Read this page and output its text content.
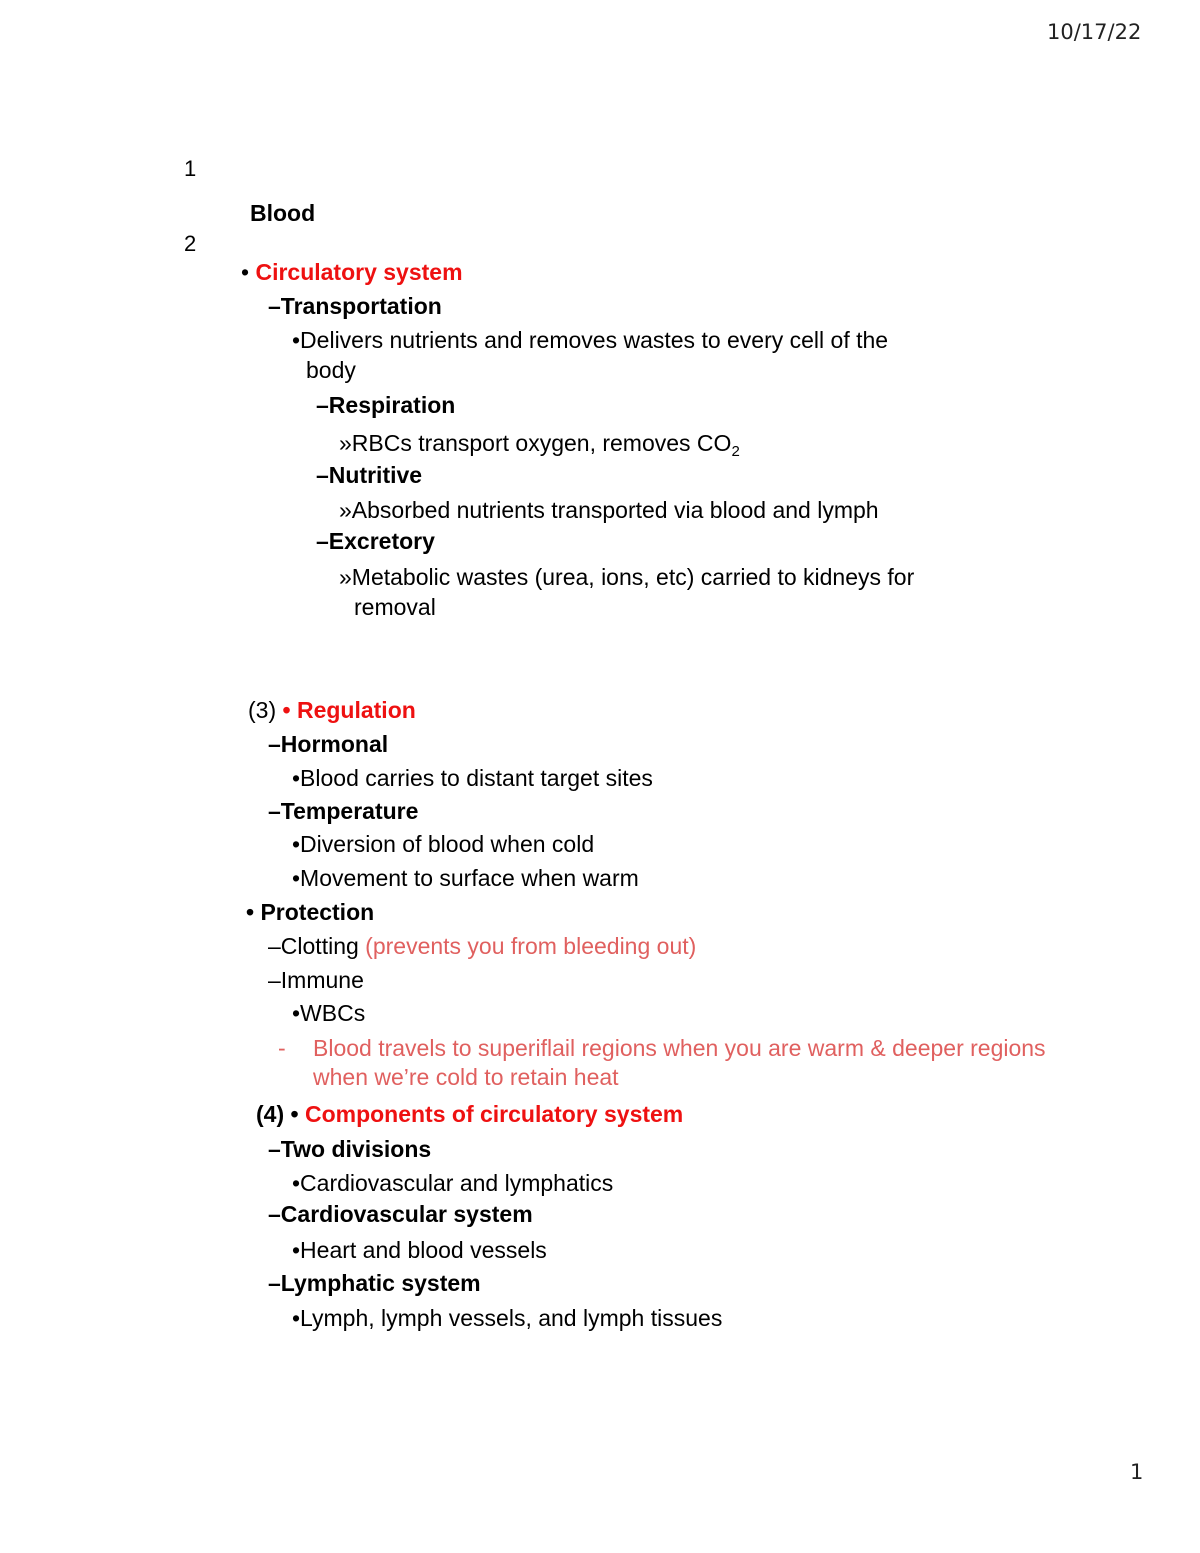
10/17/22
1
2
Blood
• Circulatory system
–Transportation
•Delivers nutrients and removes wastes to every cell of the
body
–Respiration
»RBCs transport oxygen, removes $CO_2$
–Nutritive
»Absorbed nutrients transported via blood and lymph
–Excretory
»Metabolic wastes (urea, ions, etc) carried to kidneys for
removal
(3) • Regulation
–Hormonal
•Blood carries to distant target sites
–Temperature
•Diversion of blood when cold
•Movement to surface when warm
• Protection
–Clotting (prevents you from bleeding out)
–Immune
•WBCs
- Blood travels to superiflail regions when you are warm & deeper regions
when we’re cold to retain heat
(4) • Components of circulatory system
–Two divisions
•Cardiovascular and lymphatics
–Cardiovascular system
•Heart and blood vessels
–Lymphatic system
•Lymph, lymph vessels, and lymph tissues
1
